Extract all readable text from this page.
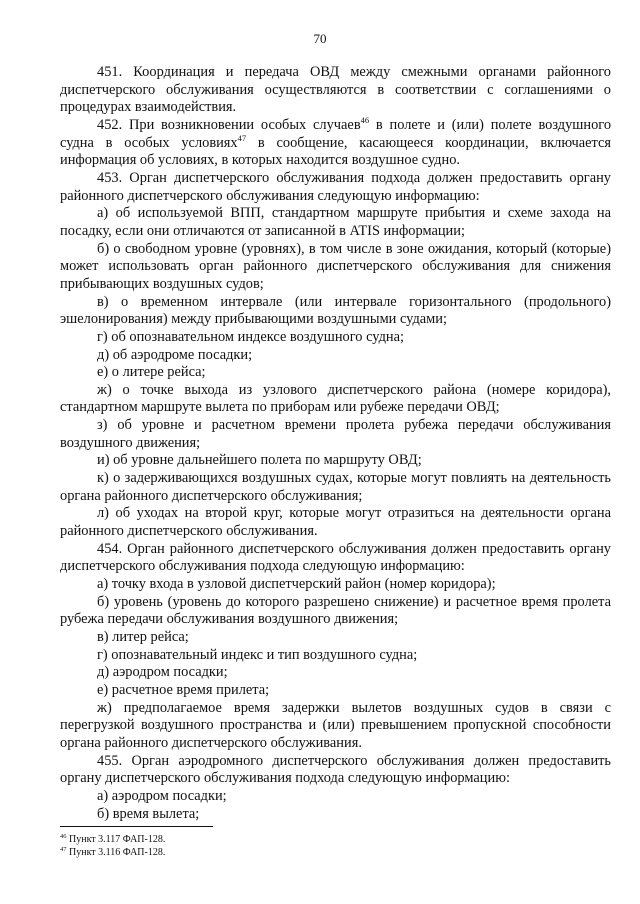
70

451. Координация и передача ОВД между смежными органами районного диспетчерского обслуживания осуществляются в соответствии с соглашениями о процедурах взаимодействия.

452. При возникновении особых случаев$^{46}$ в полете и (или) полете воздушного судна в особых условиях$^{47}$ в сообщение, касающееся координации, включается информация об условиях, в которых находится воздушное судно.

453. Орган диспетчерского обслуживания подхода должен предоставить органу районного диспетчерского обслуживания следующую информацию:

а) об используемой ВПП, стандартном маршруте прибытия и схеме захода на посадку, если они отличаются от записанной в ATIS информации;

б) о свободном уровне (уровнях), в том числе в зоне ожидания, который (которые) может использовать орган районного диспетчерского обслуживания для снижения прибывающих воздушных судов;

в) о временном интервале (или интервале горизонтального (продольного) эшелонирования) между прибывающими воздушными судами;

г) об опознавательном индексе воздушного судна;

д) об аэродроме посадки;

е) о литере рейса;

ж) о точке выхода из узлового диспетчерского района (номере коридора), стандартном маршруте вылета по приборам или рубеже передачи ОВД;

з) об уровне и расчетном времени пролета рубежа передачи обслуживания воздушного движения;

и) об уровне дальнейшего полета по маршруту ОВД;

к) о задерживающихся воздушных судах, которые могут повлиять на деятельность органа районного диспетчерского обслуживания;

л) об уходах на второй круг, которые могут отразиться на деятельности органа районного диспетчерского обслуживания.

454. Орган районного диспетчерского обслуживания должен предоставить органу диспетчерского обслуживания подхода следующую информацию:

а) точку входа в узловой диспетчерский район (номер коридора);

б) уровень (уровень до которого разрешено снижение) и расчетное время пролета рубежа передачи обслуживания воздушного движения;

в) литер рейса;

г) опознавательный индекс и тип воздушного судна;

д) аэродром посадки;

е) расчетное время прилета;

ж) предполагаемое время задержки вылетов воздушных судов в связи с перегрузкой воздушного пространства и (или) превышением пропускной способности органа районного диспетчерского обслуживания.

455. Орган аэродромного диспетчерского обслуживания должен предоставить органу диспетчерского обслуживания подхода следующую информацию:

а) аэродром посадки;

б) время вылета;

$^{46}$ Пункт 3.117 ФАП-128.
$^{47}$ Пункт 3.116 ФАП-128.
